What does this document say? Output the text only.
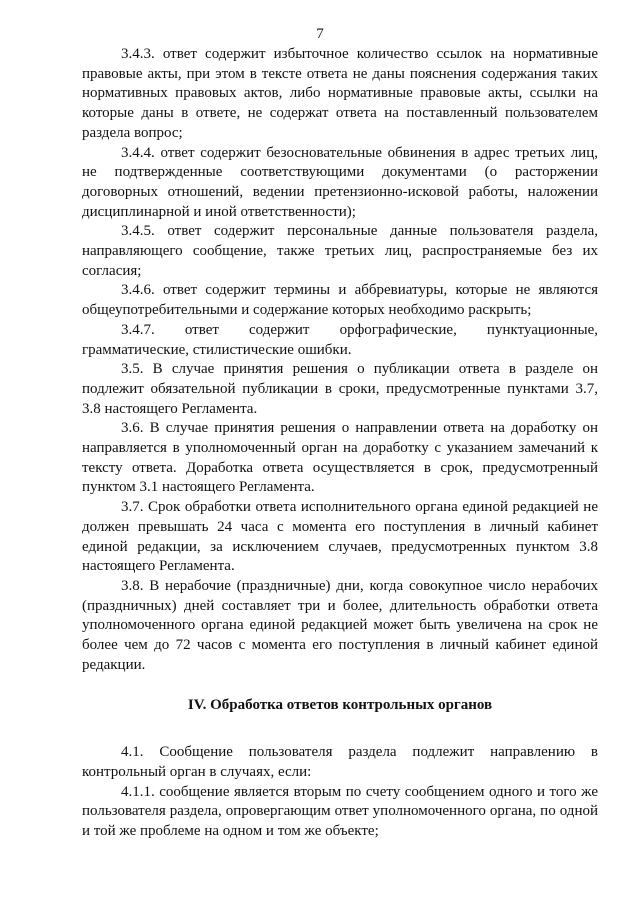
7

3.4.3. ответ содержит избыточное количество ссылок на нормативные правовые акты, при этом в тексте ответа не даны пояснения содержания таких нормативных правовых актов, либо нормативные правовые акты, ссылки на которые даны в ответе, не содержат ответа на поставленный пользователем раздела вопрос;

3.4.4. ответ содержит безосновательные обвинения в адрес третьих лиц, не подтвержденные соответствующими документами (о расторжении договорных отношений, ведении претензионно-исковой работы, наложении дисциплинарной и иной ответственности);

3.4.5. ответ содержит персональные данные пользователя раздела, направляющего сообщение, также третьих лиц, распространяемые без их согласия;

3.4.6. ответ содержит термины и аббревиатуры, которые не являются общеупотребительными и содержание которых необходимо раскрыть;

3.4.7. ответ содержит орфографические, пунктуационные, грамматические, стилистические ошибки.

3.5. В случае принятия решения о публикации ответа в разделе он подлежит обязательной публикации в сроки, предусмотренные пунктами 3.7, 3.8 настоящего Регламента.

3.6. В случае принятия решения о направлении ответа на доработку он направляется в уполномоченный орган на доработку с указанием замечаний к тексту ответа. Доработка ответа осуществляется в срок, предусмотренный пунктом 3.1 настоящего Регламента.

3.7. Срок обработки ответа исполнительного органа единой редакцией не должен превышать 24 часа с момента его поступления в личный кабинет единой редакции, за исключением случаев, предусмотренных пунктом 3.8 настоящего Регламента.

3.8. В нерабочие (праздничные) дни, когда совокупное число нерабочих (праздничных) дней составляет три и более, длительность обработки ответа уполномоченного органа единой редакцией может быть увеличена на срок не более чем до 72 часов с момента его поступления в личный кабинет единой редакции.

IV. Обработка ответов контрольных органов

4.1. Сообщение пользователя раздела подлежит направлению в контрольный орган в случаях, если:

4.1.1. сообщение является вторым по счету сообщением одного и того же пользователя раздела, опровергающим ответ уполномоченного органа, по одной и той же проблеме на одном и том же объекте;
